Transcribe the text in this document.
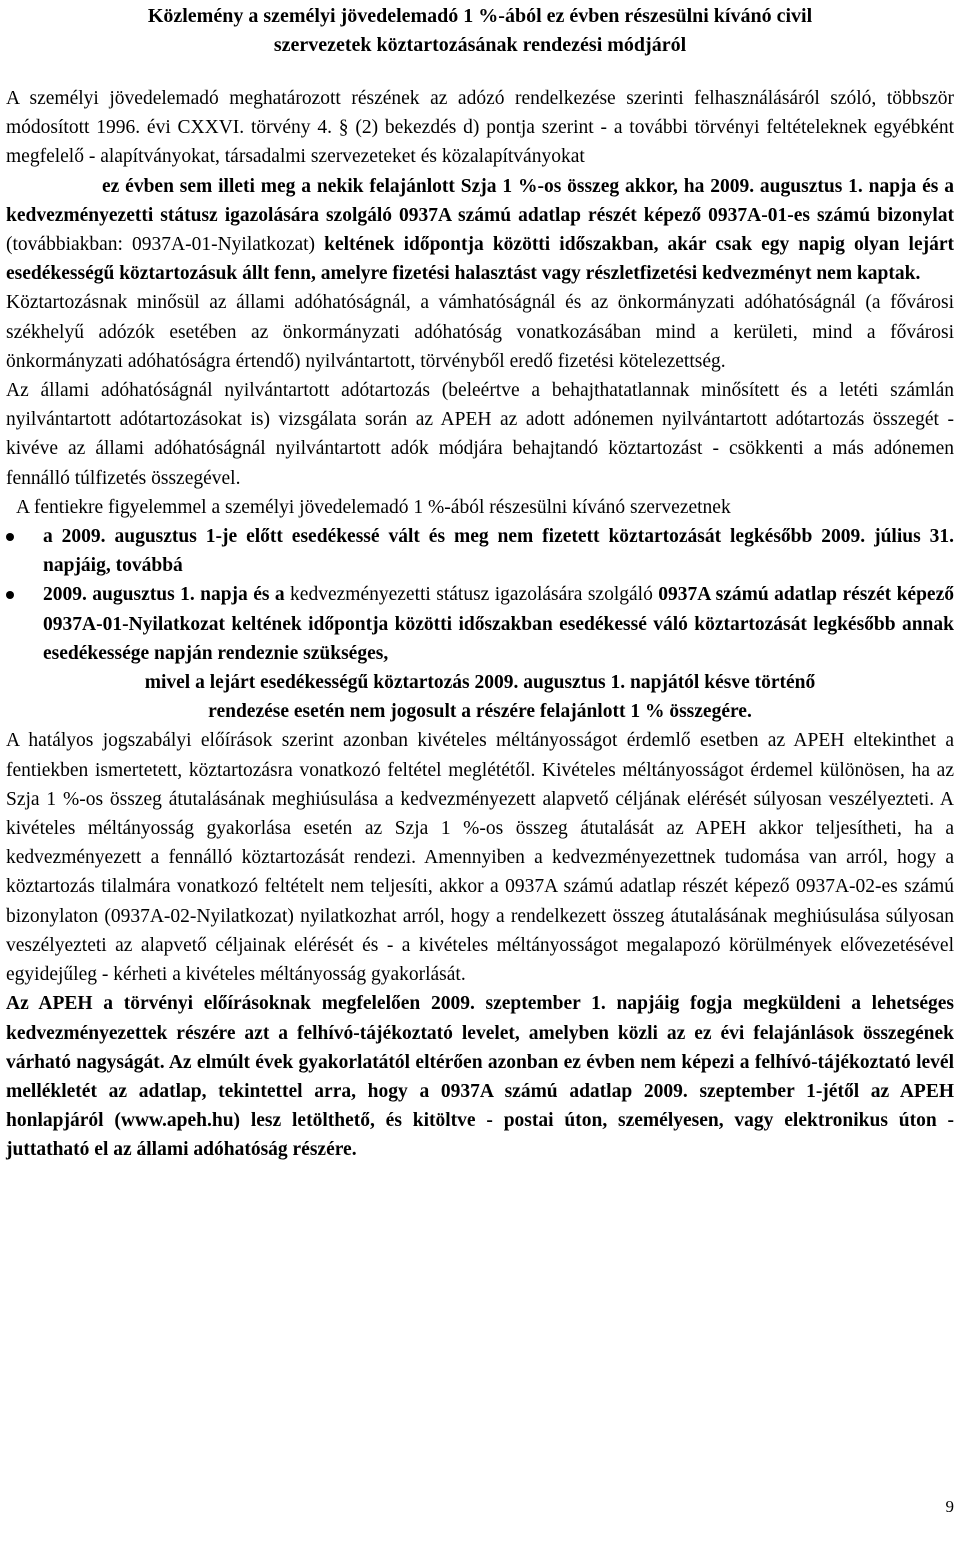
Közlemény a személyi jövedelemadó 1 %-ából ez évben részesülni kívánó civil
szervezetek köztartozásának rendezési módjáról

A személyi jövedelemadó meghatározott részének az adózó rendelkezése szerinti felhasználásáról szóló, többször módosított 1996. évi CXXVI. törvény 4. § (2) bekezdés d) pontja szerint - a további törvényi feltételeknek egyébként megfelelő - alapítványokat, társadalmi szervezeteket és közalapítványokat

ez évben sem illeti meg a nekik felajánlott Szja 1 %-os összeg akkor, ha 2009. augusztus 1. napja és a kedvezményezetti státusz igazolására szolgáló 0937A számú adatlap részét képező 0937A-01-es számú bizonylat (továbbiakban: 0937A-01-Nyilatkozat) keltének időpontja közötti időszakban, akár csak egy napig olyan lejárt esedékességű köztartozásuk állt fenn, amelyre fizetési halasztást vagy részletfizetési kedvezményt nem kaptak.

Köztartozásnak minősül az állami adóhatóságnál, a vámhatóságnál és az önkormányzati adóhatóságnál (a fővárosi székhelyű adózók esetében az önkormányzati adóhatóság vonatkozásában mind a kerületi, mind a fővárosi önkormányzati adóhatóságra értendő) nyilvántartott, törvényből eredő fizetési kötelezettség.

Az állami adóhatóságnál nyilvántartott adótartozás (beleértve a behajthatatlannak minősített és a letéti számlán nyilvántartott adótartozásokat is) vizsgálata során az APEH az adott adónemen nyilvántartott adótartozás összegét - kivéve az állami adóhatóságnál nyilvántartott adók módjára behajtandó köztartozást - csökkenti a más adónemen fennálló túlfizetés összegével.

A fentiekre figyelemmel a személyi jövedelemadó 1 %-ából részesülni kívánó szervezetnek

a 2009. augusztus 1-je előtt esedékessé vált és meg nem fizetett köztartozását legkésőbb 2009. július 31. napjáig, továbbá
2009. augusztus 1. napja és a kedvezményezetti státusz igazolására szolgáló 0937A számú adatlap részét képező 0937A-01-Nyilatkozat keltének időpontja közötti időszakban esedékessé váló köztartozását legkésőbb annak esedékessége napján rendeznie szükséges,
mivel a lejárt esedékességű köztartozás 2009. augusztus 1. napjától késve történő
rendezése esetén nem jogosult a részére felajánlott 1 % összegére.

A hatályos jogszabályi előírások szerint azonban kivételes méltányosságot érdemlő esetben az APEH eltekinthet a fentiekben ismertetett, köztartozásra vonatkozó feltétel meglététől. Kivételes méltányosságot érdemel különösen, ha az Szja 1 %-os összeg átutalásának meghiúsulása a kedvezményezett alapvető céljának elérését súlyosan veszélyezteti. A kivételes méltányosság gyakorlása esetén az Szja 1 %-os összeg átutalását az APEH akkor teljesítheti, ha a kedvezményezett a fennálló köztartozását rendezi. Amennyiben a kedvezményezettnek tudomása van arról, hogy a köztartozás tilalmára vonatkozó feltételt nem teljesíti, akkor a 0937A számú adatlap részét képező 0937A-02-es számú bizonylaton (0937A-02-Nyilatkozat) nyilatkozhat arról, hogy a rendelkezett összeg átutalásának meghiúsulása súlyosan veszélyezteti az alapvető céljainak elérését és - a kivételes méltányosságot megalapozó körülmények elővezetésével egyidejűleg - kérheti a kivételes méltányosság gyakorlását.

Az APEH a törvényi előírásoknak megfelelően 2009. szeptember 1. napjáig fogja megküldeni a lehetséges kedvezményezettek részére azt a felhívó-tájékoztató levelet, amelyben közli az ez évi felajánlások összegének várható nagyságát. Az elmúlt évek gyakorlatától eltérően azonban ez évben nem képezi a felhívó-tájékoztató levél mellékletét az adatlap, tekintettel arra, hogy a 0937A számú adatlap 2009. szeptember 1-jétől az APEH honlapjáról (www.apeh.hu) lesz letölthető, és kitöltve - postai úton, személyesen, vagy elektronikus úton - juttatható el az állami adóhatóság részére.

9
